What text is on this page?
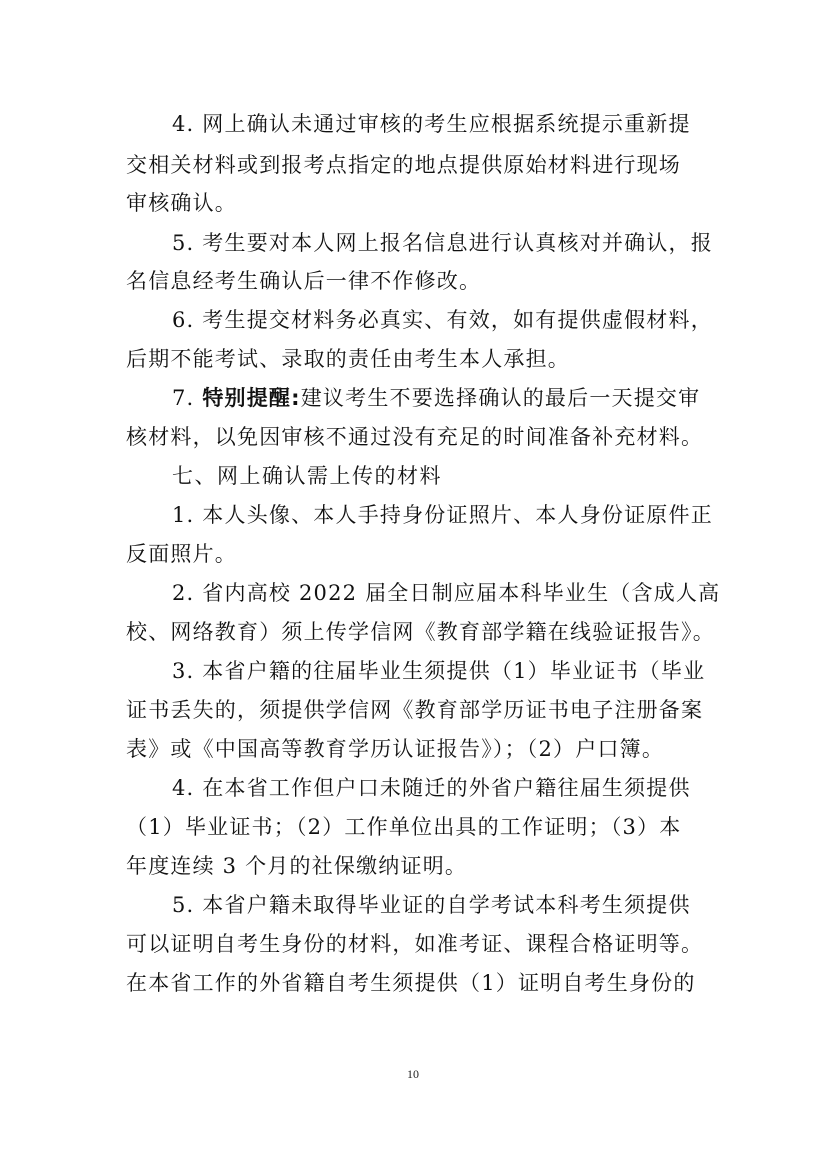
4. 网上确认未通过审核的考生应根据系统提示重新提
交相关材料或到报考点指定的地点提供原始材料进行现场
审核确认。
5. 考生要对本人网上报名信息进行认真核对并确认，报
名信息经考生确认后一律不作修改。
6. 考生提交材料务必真实、有效，如有提供虚假材料，
后期不能考试、录取的责任由考生本人承担。
7. 特别提醒:建议考生不要选择确认的最后一天提交审
核材料，以免因审核不通过没有充足的时间准备补充材料。
七、网上确认需上传的材料
1. 本人头像、本人手持身份证照片、本人身份证原件正
反面照片。
2. 省内高校 2022 届全日制应届本科毕业生（含成人高
校、网络教育）须上传学信网《教育部学籍在线验证报告》。
3. 本省户籍的往届毕业生须提供（1）毕业证书（毕业
证书丢失的，须提供学信网《教育部学历证书电子注册备案
表》或《中国高等教育学历认证报告》）；（2）户口簿。
4. 在本省工作但户口未随迁的外省户籍往届生须提供
（1）毕业证书；（2）工作单位出具的工作证明；（3）本
年度连续 3 个月的社保缴纳证明。
5. 本省户籍未取得毕业证的自学考试本科考生须提供
可以证明自考生身份的材料，如准考证、课程合格证明等。
在本省工作的外省籍自考生须提供（1）证明自考生身份的
10
